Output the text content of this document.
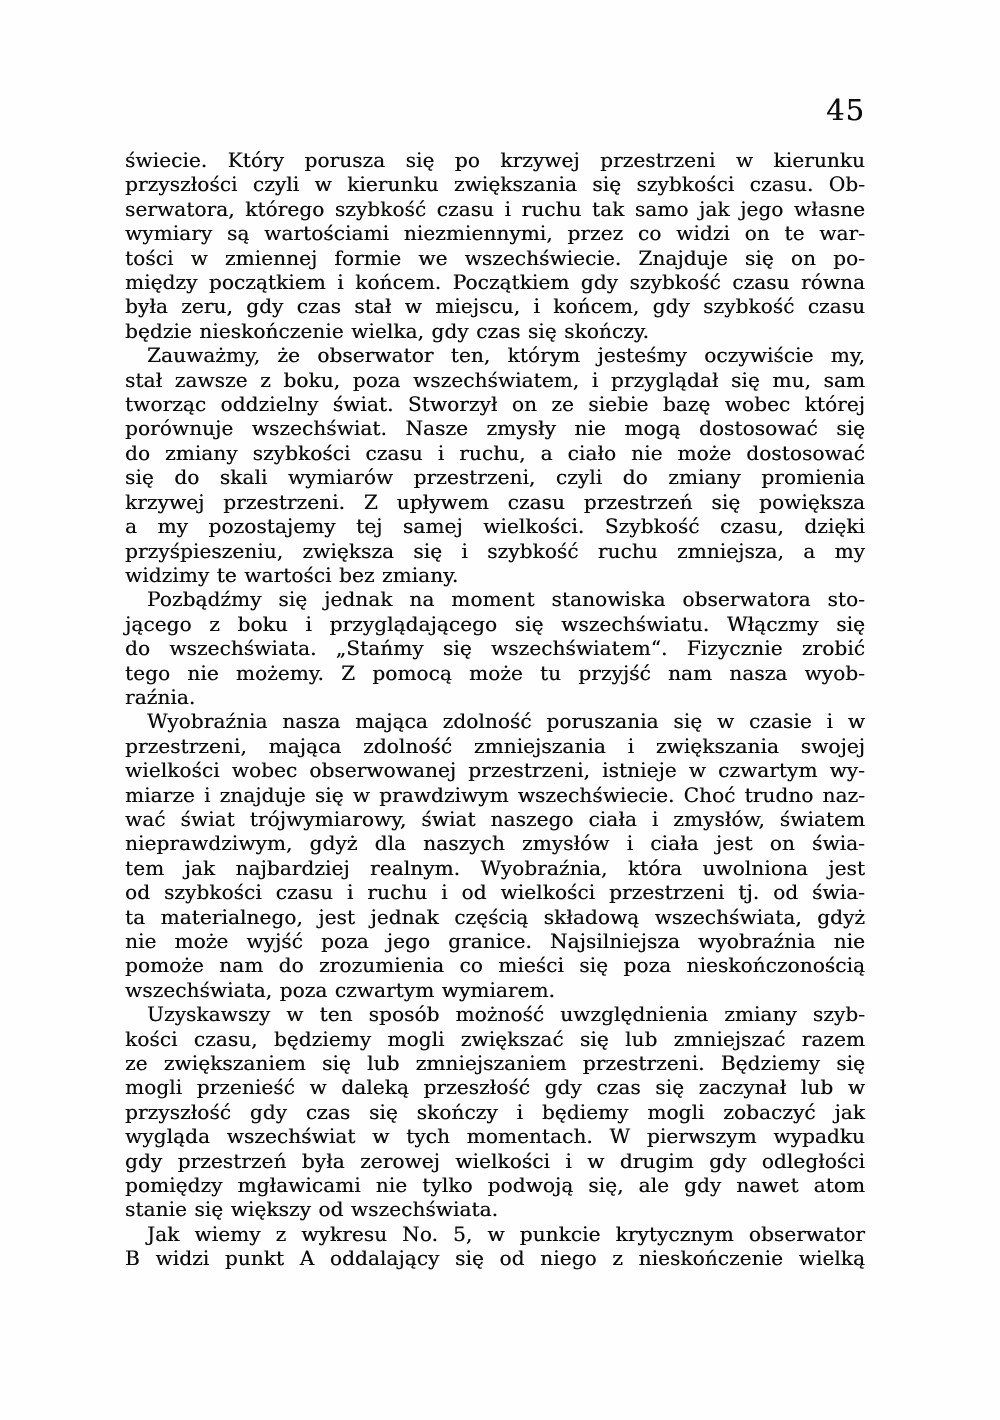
45
świecie. Który porusza się po krzywej przestrzeni w kierunku
przyszłości czyli w kierunku zwiększania się szybkości czasu. Ob-
serwatora, którego szybkość czasu i ruchu tak samo jak jego własne
wymiary są wartościami niezmiennymi, przez co widzi on te war-
tości w zmiennej formie we wszechświecie. Znajduje się on po-
między początkiem i końcem. Początkiem gdy szybkość czasu równa
była zeru, gdy czas stał w miejscu, i końcem, gdy szybkość czasu
będzie nieskończenie wielka, gdy czas się skończy.
Zauważmy, że obserwator ten, którym jesteśmy oczywiście my,
stał zawsze z boku, poza wszechświatem, i przyglądał się mu, sam
tworząc oddzielny świat. Stworzył on ze siebie bazę wobec której
porównuje wszechświat. Nasze zmysły nie mogą dostosować się
do zmiany szybkości czasu i ruchu, a ciało nie może dostosować
się do skali wymiarów przestrzeni, czyli do zmiany promienia
krzywej przestrzeni. Z upływem czasu przestrzeń się powiększa
a my pozostajemy tej samej wielkości. Szybkość czasu, dzięki
przyśpieszeniu, zwiększa się i szybkość ruchu zmniejsza, a my
widzimy te wartości bez zmiany.
Pozbądźmy się jednak na moment stanowiska obserwatora sto-
jącego z boku i przyglądającego się wszechświatu. Włączmy się
do wszechświata. „Stańmy się wszechświatem“. Fizycznie zrobić
tego nie możemy. Z pomocą może tu przyjść nam nasza wyob-
raźnia.
Wyobraźnia nasza mająca zdolność poruszania się w czasie i w
przestrzeni, mająca zdolność zmniejszania i zwiększania swojej
wielkości wobec obserwowanej przestrzeni, istnieje w czwartym wy-
miarze i znajduje się w prawdziwym wszechświecie. Choć trudno naz-
wać świat trójwymiarowy, świat naszego ciała i zmysłów, światem
nieprawdziwym, gdyż dla naszych zmysłów i ciała jest on świa-
tem jak najbardziej realnym. Wyobraźnia, która uwolniona jest
od szybkości czasu i ruchu i od wielkości przestrzeni tj. od świa-
ta materialnego, jest jednak częścią składową wszechświata, gdyż
nie może wyjść poza jego granice. Najsilniejsza wyobraźnia nie
pomoże nam do zrozumienia co mieści się poza nieskończonością
wszechświata, poza czwartym wymiarem.
Uzyskawszy w ten sposób możność uwzględnienia zmiany szyb-
kości czasu, będziemy mogli zwiększać się lub zmniejszać razem
ze zwiększaniem się lub zmniejszaniem przestrzeni. Będziemy się
mogli przenieść w daleką przeszłość gdy czas się zaczynał lub w
przyszłość gdy czas się skończy i będiemy mogli zobaczyć jak
wygląda wszechświat w tych momentach. W pierwszym wypadku
gdy przestrzeń była zerowej wielkości i w drugim gdy odległości
pomiędzy mgławicami nie tylko podwoją się, ale gdy nawet atom
stanie się większy od wszechświata.
Jak wiemy z wykresu No. 5, w punkcie krytycznym obserwator
B widzi punkt A oddalający się od niego z nieskończenie wielką
